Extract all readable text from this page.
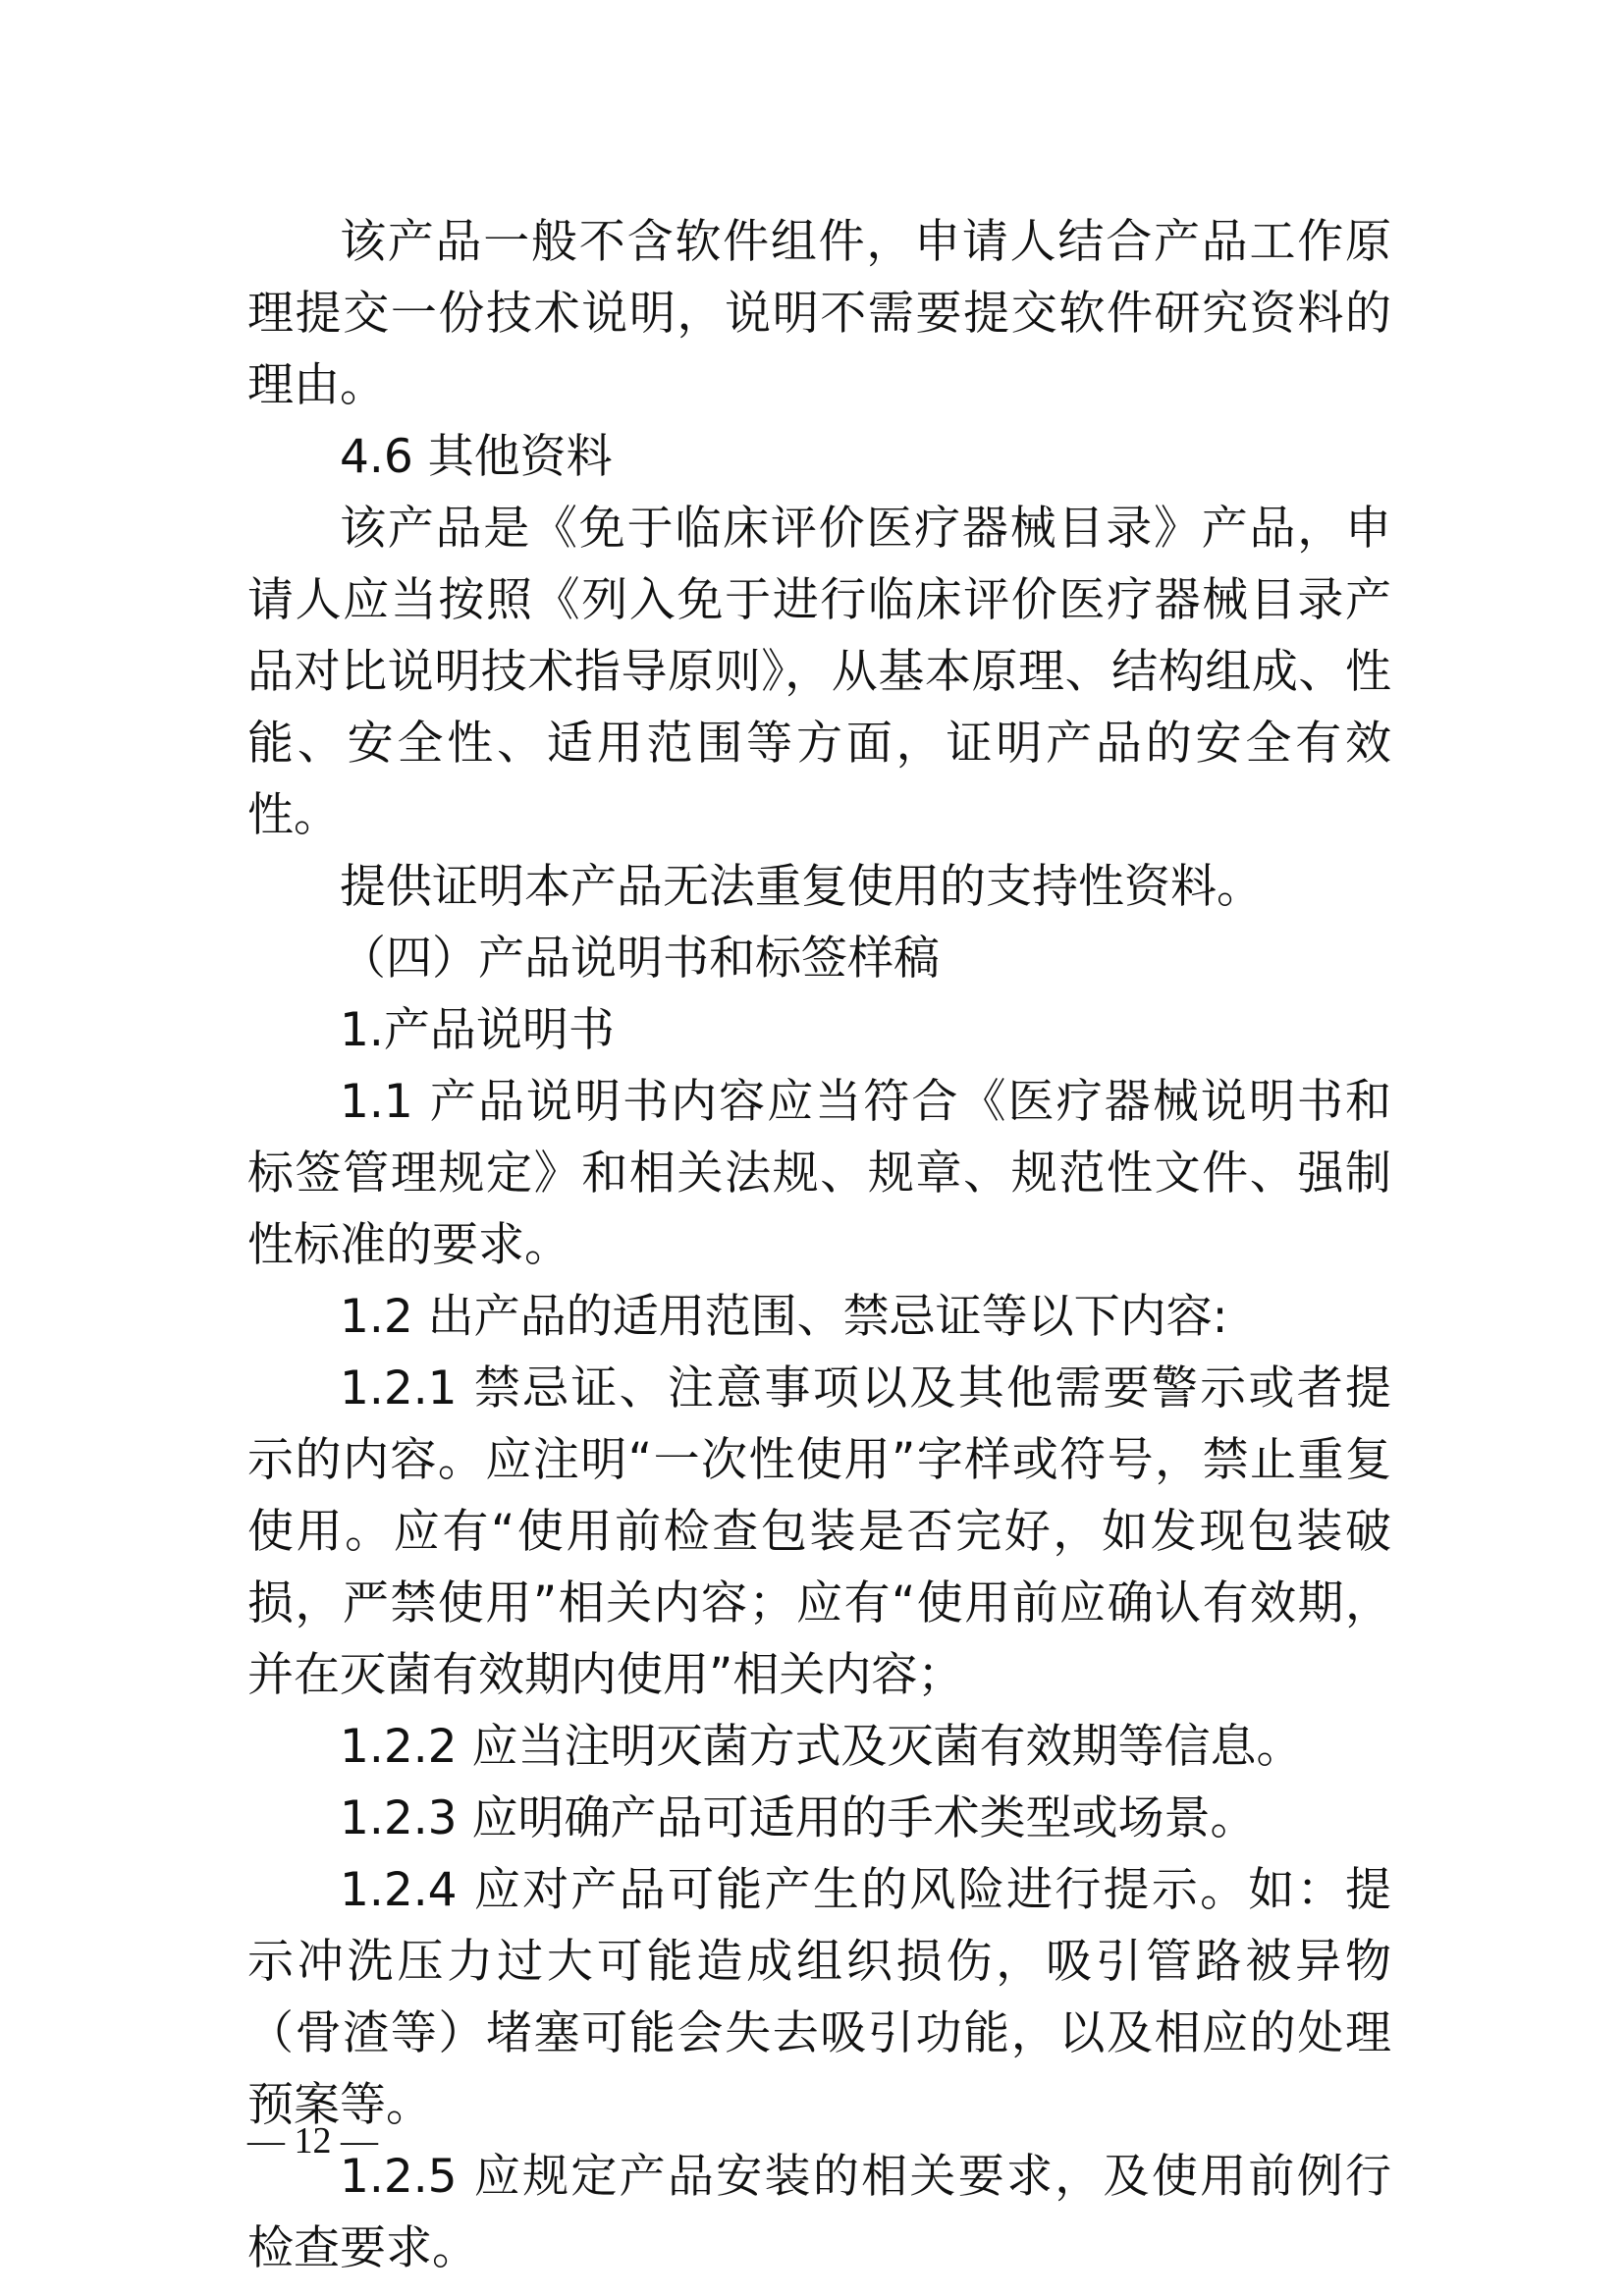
该产品一般不含软件组件，申请人结合产品工作原理提交一份技术说明，说明不需要提交软件研究资料的理由。

4.6 其他资料

该产品是《免于临床评价医疗器械目录》产品，申请人应当按照《列入免于进行临床评价医疗器械目录产品对比说明技术指导原则》，从基本原理、结构组成、性能、安全性、适用范围等方面，证明产品的安全有效性。

提供证明本产品无法重复使用的支持性资料。

（四）产品说明书和标签样稿

1.产品说明书

1.1 产品说明书内容应当符合《医疗器械说明书和标签管理规定》和相关法规、规章、规范性文件、强制性标准的要求。

1.2 出产品的适用范围、禁忌证等以下内容:

1.2.1 禁忌证、注意事项以及其他需要警示或者提示的内容。应注明“一次性使用”字样或符号，禁止重复使用。应有“使用前检查包装是否完好，如发现包装破损，严禁使用”相关内容；应有“使用前应确认有效期，并在灭菌有效期内使用”相关内容；

1.2.2 应当注明灭菌方式及灭菌有效期等信息。

1.2.3 应明确产品可适用的手术类型或场景。

1.2.4 应对产品可能产生的风险进行提示。如：提示冲洗压力过大可能造成组织损伤，吸引管路被异物（骨渣等）堵塞可能会失去吸引功能，以及相应的处理预案等。

1.2.5 应规定产品安装的相关要求，及使用前例行检查要求。

— 12 —
